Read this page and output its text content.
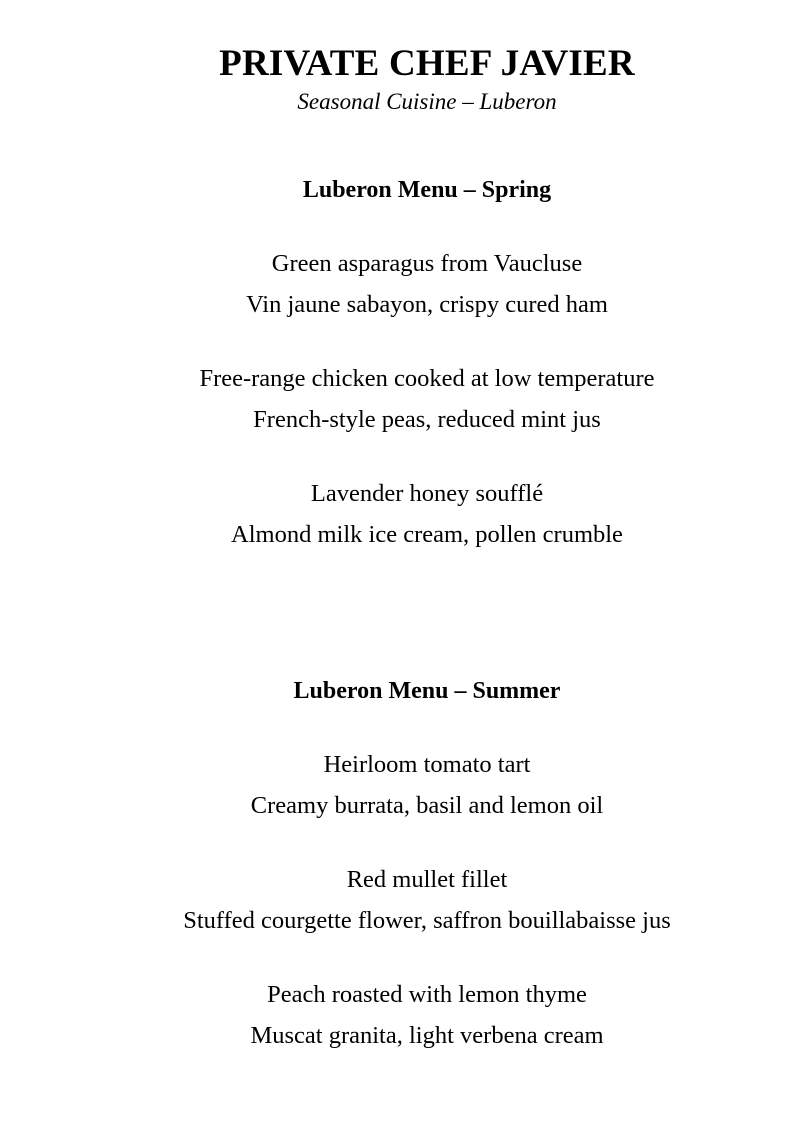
PRIVATE CHEF JAVIER
Seasonal Cuisine – Luberon
Luberon Menu – Spring
Green asparagus from Vaucluse
Vin jaune sabayon, crispy cured ham
Free-range chicken cooked at low temperature
French-style peas, reduced mint jus
Lavender honey soufflé
Almond milk ice cream, pollen crumble
Luberon Menu – Summer
Heirloom tomato tart
Creamy burrata, basil and lemon oil
Red mullet fillet
Stuffed courgette flower, saffron bouillabaisse jus
Peach roasted with lemon thyme
Muscat granita, light verbena cream
